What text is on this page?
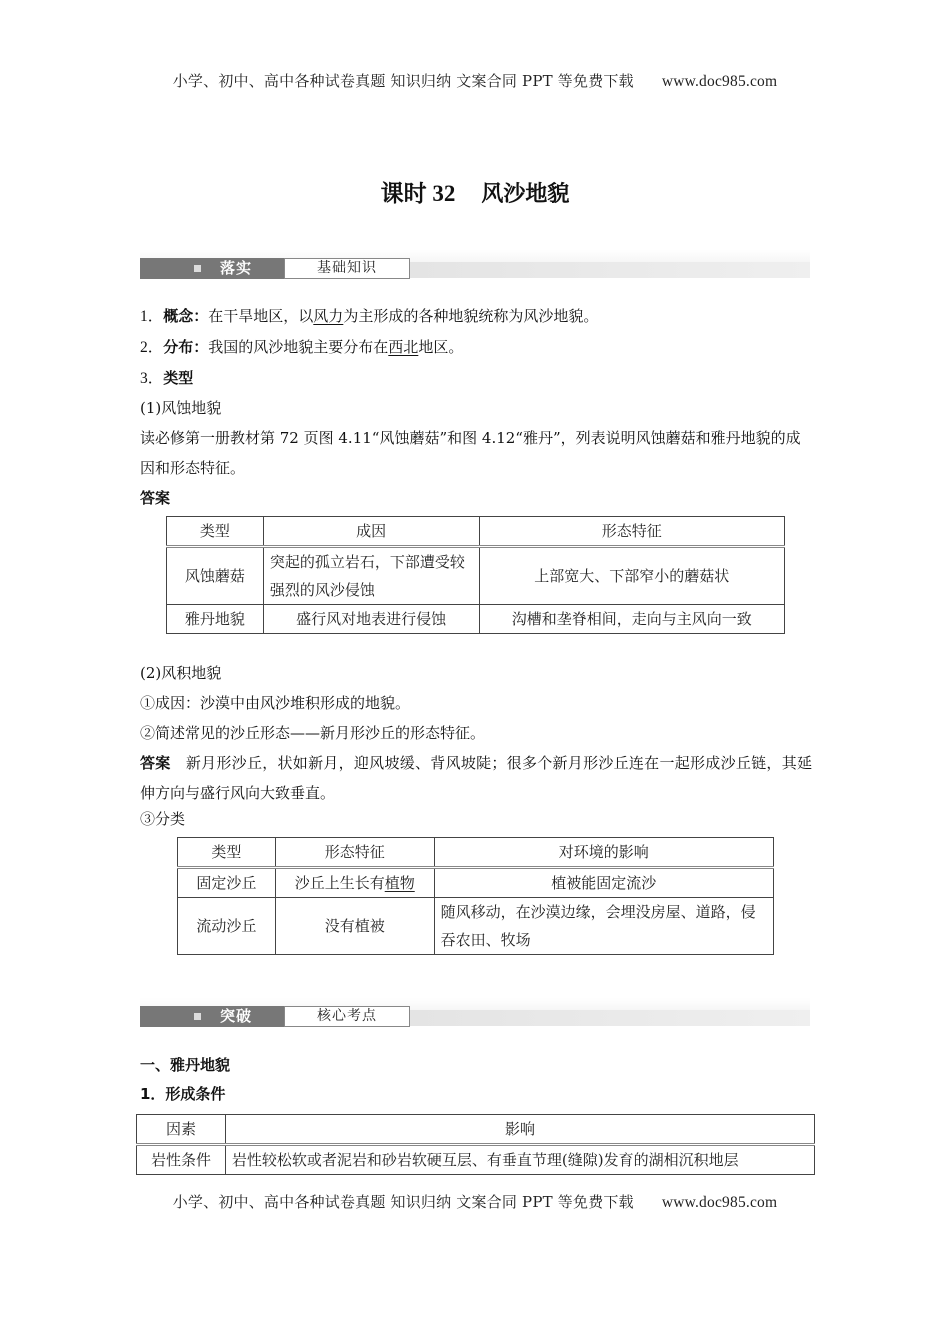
小学、初中、高中各种试卷真题 知识归纳 文案合同 PPT 等免费下载 www.doc985.com
课时 32 风沙地貌
落实	基础知识
1．概念：在干旱地区，以风力为主形成的各种地貌统称为风沙地貌。
2．分布：我国的风沙地貌主要分布在西北地区。
3．类型
(1)风蚀地貌
读必修第一册教材第 72 页图 4.11“风蚀蘑菇”和图 4.12“雅丹”，列表说明风蚀蘑菇和雅丹地貌的成因和形态特征。
答案
类型	成因	形态特征
风蚀蘑菇	突起的孤立岩石，下部遭受较强烈的风沙侵蚀	上部宽大、下部窄小的蘑菇状
雅丹地貌	盛行风对地表进行侵蚀	沟槽和垄脊相间，走向与主风向一致
(2)风积地貌
①成因：沙漠中由风沙堆积形成的地貌。
②简述常见的沙丘形态——新月形沙丘的形态特征。
答案　 新月形沙丘，状如新月，迎风坡缓、背风坡陡；很多个新月形沙丘连在一起形成沙丘链，其延伸方向与盛行风向大致垂直。
③分类
类型	形态特征	对环境的影响
固定沙丘	沙丘上生长有植物	植被能固定流沙
流动沙丘	没有植被	随风移动，在沙漠边缘，会埋没房屋、道路，侵吞农田、牧场
突破	核心考点
一、雅丹地貌
1．形成条件
因素	影响
岩性条件	岩性较松软或者泥岩和砂岩软硬互层、有垂直节理(缝隙)发育的湖相沉积地层
小学、初中、高中各种试卷真题 知识归纳 文案合同 PPT 等免费下载 www.doc985.com
